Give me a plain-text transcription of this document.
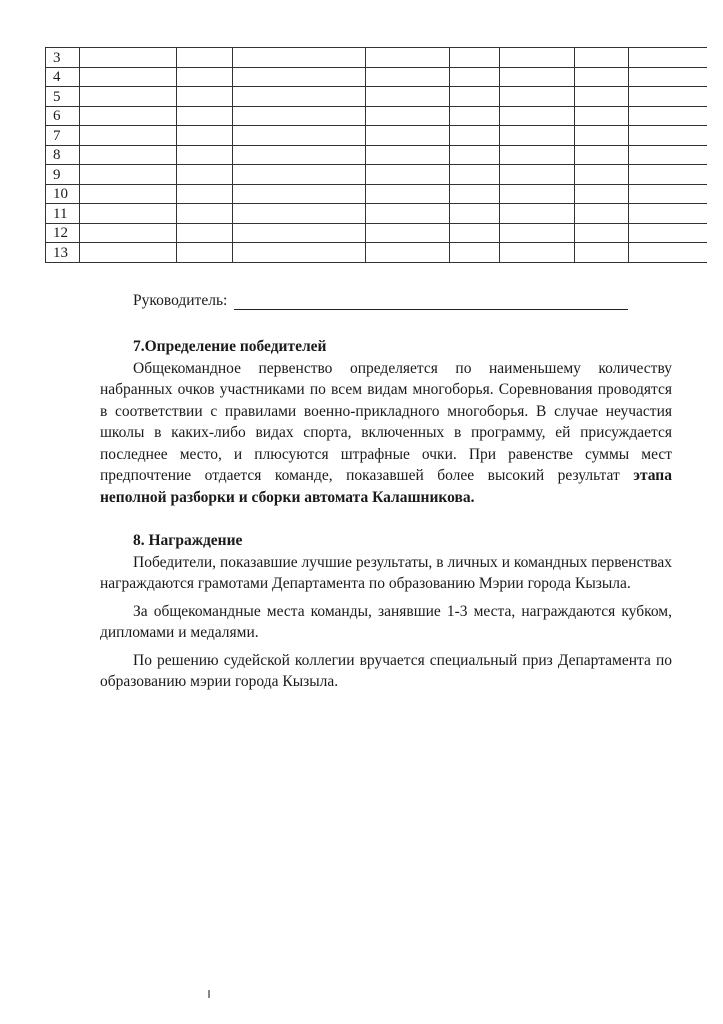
3								
4								
5								
6								
7								
8								
9								
10								
11								
12								
13								
Руководитель:
7.Определение победителей

Общекомандное первенство определяется по наименьшему количеству набранных очков участниками по всем видам многоборья. Соревнования проводятся в соответствии с правилами военно-прикладного многоборья. В случае неучастия школы в каких-либо видах спорта, включенных в программу, ей присуждается последнее место, и плюсуются штрафные очки. При равенстве суммы мест предпочтение отдается команде, показавшей более высокий результат этапа неполной разборки и сборки автомата Калашникова.

8. Награждение

Победители, показавшие лучшие результаты, в личных и командных первенствах награждаются грамотами Департамента по образованию Мэрии города Кызыла.

За общекомандные места команды, занявшие 1-3 места, награждаются кубком, дипломами и медалями.

По решению судейской коллегии вручается специальный приз Департамента по образованию мэрии города Кызыла.
